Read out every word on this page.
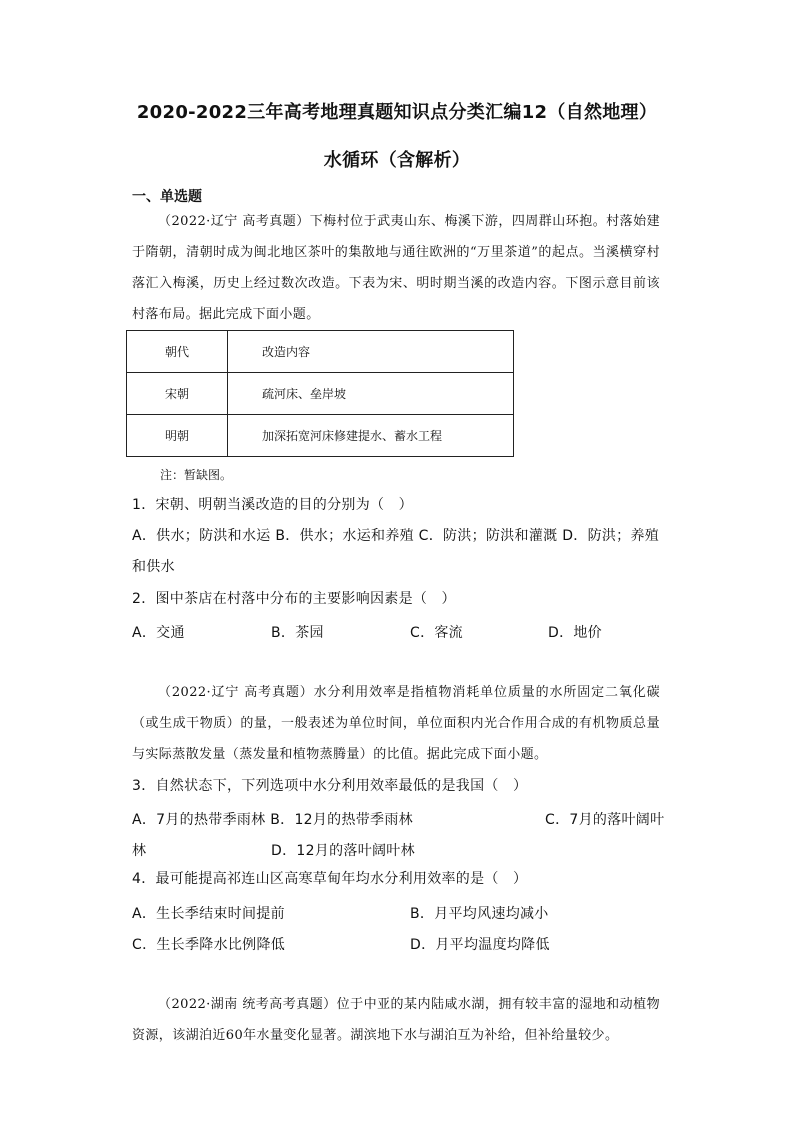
2020-2022三年高考地理真题知识点分类汇编12（自然地理）
水循环（含解析）
一、单选题
（2022·辽宁 高考真题）下梅村位于武夷山东、梅溪下游，四周群山环抱。村落始建于隋朝，清朝时成为闽北地区茶叶的集散地与通往欧洲的“万里茶道”的起点。当溪横穿村落汇入梅溪，历史上经过数次改造。下表为宋、明时期当溪的改造内容。下图示意目前该村落布局。据此完成下面小题。
朝代	改造内容
宋朝	疏河床、垒岸坡
明朝	加深拓宽河床修建提水、蓄水工程
注：暂缺图。
1．宋朝、明朝当溪改造的目的分别为（　）
A．供水；防洪和水运 B．供水；水运和养殖 C．防洪；防洪和灌溉 D．防洪；养殖和供水
2．图中茶店在村落中分布的主要影响因素是（　）
A．交通	B．茶园	C．客流	D．地价
（2022·辽宁 高考真题）水分利用效率是指植物消耗单位质量的水所固定二氧化碳（或生成干物质）的量，一般表述为单位时间，单位面积内光合作用合成的有机物质总量与实际蒸散发量（蒸发量和植物蒸腾量）的比值。据此完成下面小题。
3．自然状态下，下列选项中水分利用效率最低的是我国（　）
A．7月的热带季雨林 B．12月的热带季雨林	C．7月的落叶阔叶
林	D．12月的落叶阔叶林
4．最可能提高祁连山区高寒草甸年均水分利用效率的是（　）
A．生长季结束时间提前	B．月平均风速均减小
C．生长季降水比例降低	D．月平均温度均降低
（2022·湖南 统考高考真题）位于中亚的某内陆咸水湖，拥有较丰富的湿地和动植物资源，该湖泊近60年水量变化显著。湖滨地下水与湖泊互为补给，但补给量较少。
